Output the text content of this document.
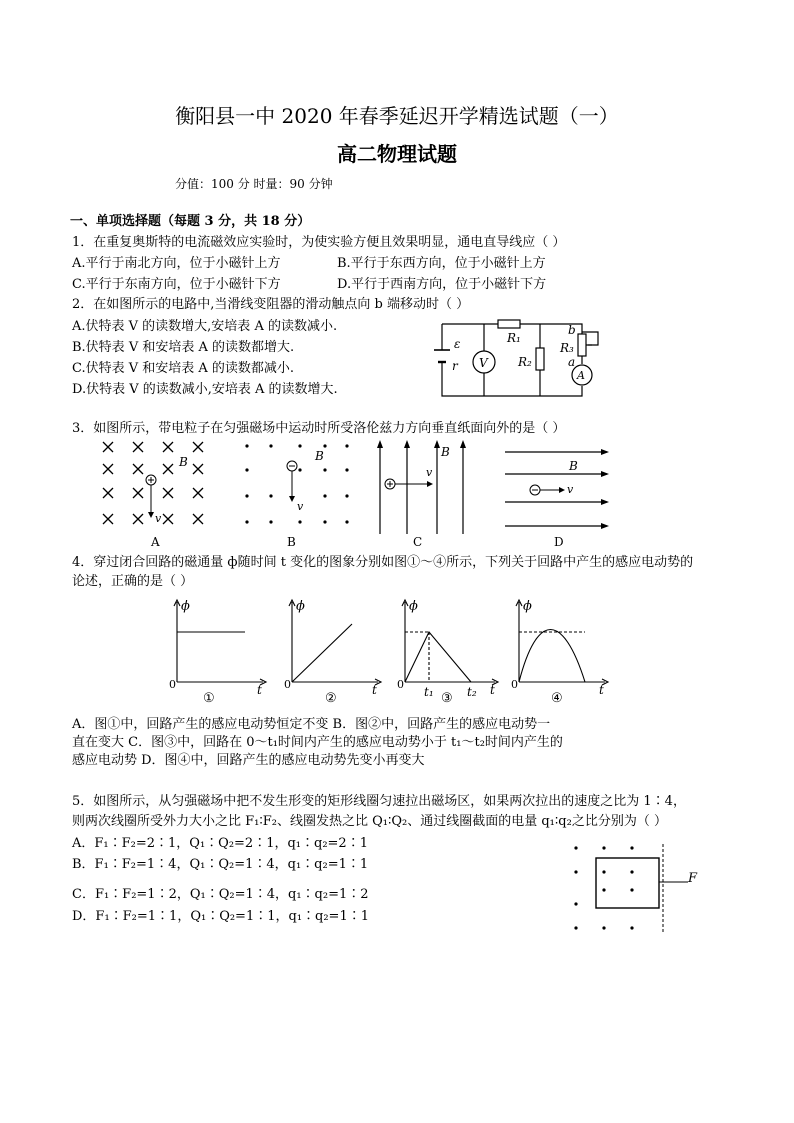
衡阳县一中 2020 年春季延迟开学精选试题（一）
高二物理试题
分值：100 分 时量：90 分钟
一、单项选择题（每题 3 分，共 18 分）
1．在重复奥斯特的电流磁效应实验时，为使实验方便且效果明显，通电直导线应（ ）
A.平行于南北方向，位于小磁针上方	B.平行于东西方向，位于小磁针上方
C.平行于东南方向，位于小磁针下方	D.平行于西南方向，位于小磁针下方
2．在如图所示的电路中,当滑线变阻器的滑动触点向 b 端移动时（ ）
A.伏特表 V 的读数增大,安培表 A 的读数减小.
B.伏特表 V 和安培表 A 的读数都增大.
C.伏特表 V 和安培表 A 的读数都减小.
D.伏特表 V 的读数减小,安培表 A 的读数增大.
ε
r V
R₁
R₂
R₃
b
a
A
3．如图所示，带电粒子在匀强磁场中运动时所受洛伦兹力方向垂直纸面向外的是（ ）
B
v
A
B
v
B
B
v
C
B
v
D
4．穿过闭合回路的磁通量 ф随时间 t 变化的图象分别如图①～④所示，下列关于回路中产生的感应电动势的
论述，正确的是（ ）
ϕ
0	t
①
ϕ
0	t
②
ϕ
0	t
t₁	t₂
③
ϕ
0	t
④
A．图①中，回路产生的感应电动势恒定不变 B．图②中，回路产生的感应电动势一
直在变大 C．图③中，回路在 0～t₁时间内产生的感应电动势小于 t₁～t₂时间内产生的
感应电动势 D．图④中，回路产生的感应电动势先变小再变大
5．如图所示，从匀强磁场中把不发生形变的矩形线圈匀速拉出磁场区，如果两次拉出的速度之比为 1∶4，
则两次线圈所受外力大小之比 F₁∶F₂、线圈发热之比 Q₁∶Q₂、通过线圈截面的电量 q₁∶q₂之比分别为（ ）
A．F₁∶F₂=2∶1，Q₁∶Q₂=2∶1，q₁∶q₂=2∶1
B．F₁∶F₂=1∶4，Q₁∶Q₂=1∶4，q₁∶q₂=1∶1
C．F₁∶F₂=1∶2，Q₁∶Q₂=1∶4，q₁∶q₂=1∶2
D．F₁∶F₂=1∶1，Q₁∶Q₂=1∶1，q₁∶q₂=1∶1
F
